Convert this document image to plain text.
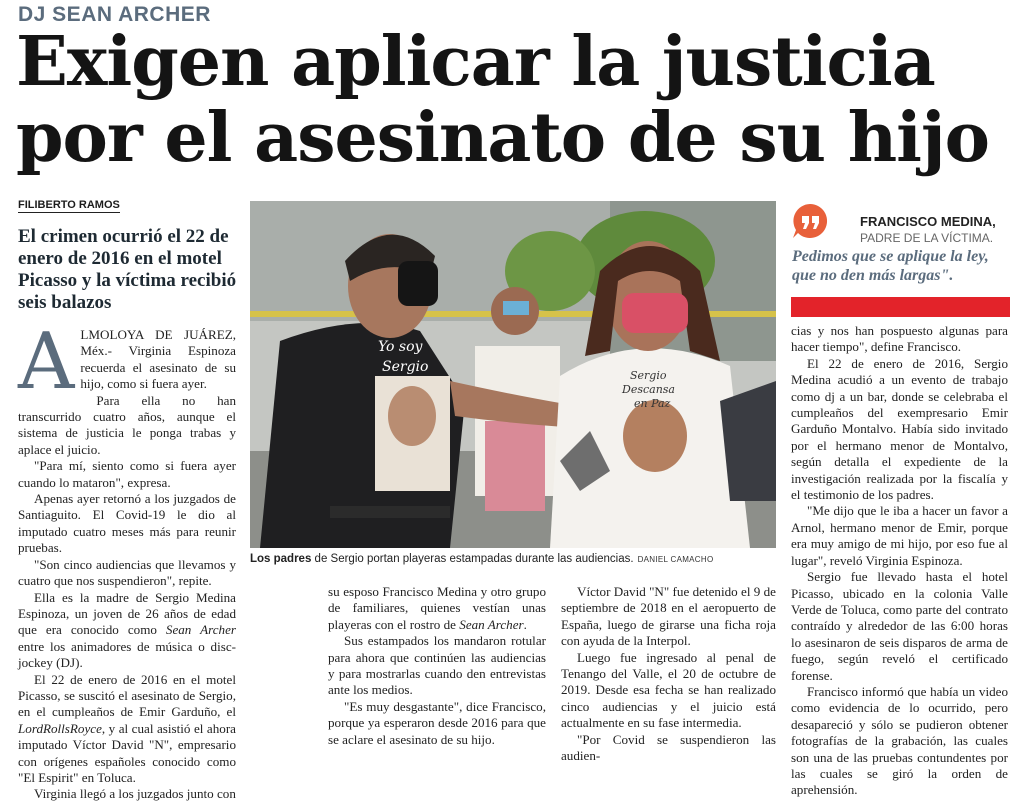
DJ SEAN ARCHER
Exigen aplicar la justicia por el asesinato de su hijo
FILIBERTO RAMOS
El crimen ocurrió el 22 de enero de 2016 en el motel Picasso y la víctima recibió seis balazos
A LMOLOYA DE JUÁREZ, Méx.- Virginia Espinoza recuerda el asesinato de su hijo, como si fuera ayer.

Para ella no han transcurrido cuatro años, aunque el sistema de justicia le ponga trabas y aplace el juicio.

"Para mí, siento como si fuera ayer cuando lo mataron", expresa.

Apenas ayer retornó a los juzgados de Santiaguito. El Covid-19 le dio al imputado cuatro meses más para reunir pruebas.

"Son cinco audiencias que llevamos y cuatro que nos suspendieron", repite.

Ella es la madre de Sergio Medina Espinoza, un joven de 26 años de edad que era conocido como Sean Archer entre los animadores de música o disc-jockey (DJ).

El 22 de enero de 2016 en el motel Picasso, se suscitó el asesinato de Sergio, en el cumpleaños de Emir Garduño, el LordRollsRoyce, y al cual asistió el ahora imputado Víctor David "N", empresario con orígenes españoles conocido como "El Espirit" en Toluca.

Virginia llegó a los juzgados junto con

Yo soy
Sergio
Sergio
Descansa
en Paz
Los padres de Sergio portan playeras estampadas durante las audiencias. DANIEL CAMACHO
FRANCISCO MEDINA,
PADRE DE LA VÍCTIMA.
Pedimos que se aplique la ley, que no den más largas".

su esposo Francisco Medina y otro grupo de familiares, quienes vestían unas playeras con el rostro de Sean Archer.

Sus estampados los mandaron rotular para ahora que continúen las audiencias y para mostrarlas cuando den entrevistas ante los medios.

"Es muy desgastante", dice Francisco, porque ya esperaron desde 2016 para que se aclare el asesinato de su hijo.

Víctor David "N" fue detenido el 9 de septiembre de 2018 en el aeropuerto de España, luego de girarse una ficha roja con ayuda de la Interpol.

Luego fue ingresado al penal de Tenango del Valle, el 20 de octubre de 2019. Desde esa fecha se han realizado cinco audiencias y el juicio está actualmente en su fase intermedia.

"Por Covid se suspendieron las audien-

cias y nos han pospuesto algunas para hacer tiempo", define Francisco.

El 22 de enero de 2016, Sergio Medina acudió a un evento de trabajo como dj a un bar, donde se celebraba el cumpleaños del exempresario Emir Garduño Montalvo. Había sido invitado por el hermano menor de Montalvo, según detalla el expediente de la investigación realizada por la fiscalía y el testimonio de los padres.

"Me dijo que le iba a hacer un favor a Arnol, hermano menor de Emir, porque era muy amigo de mi hijo, por eso fue al lugar", reveló Virginia Espinoza.

Sergio fue llevado hasta el hotel Picasso, ubicado en la colonia Valle Verde de Toluca, como parte del contrato contraído y alrededor de las 6:00 horas lo asesinaron de seis disparos de arma de fuego, según reveló el certificado forense.

Francisco informó que había un video como evidencia de lo ocurrido, pero desapareció y sólo se pudieron obtener fotografías de la grabación, las cuales son una de las pruebas contundentes por las cuales se giró la orden de aprehensión.
